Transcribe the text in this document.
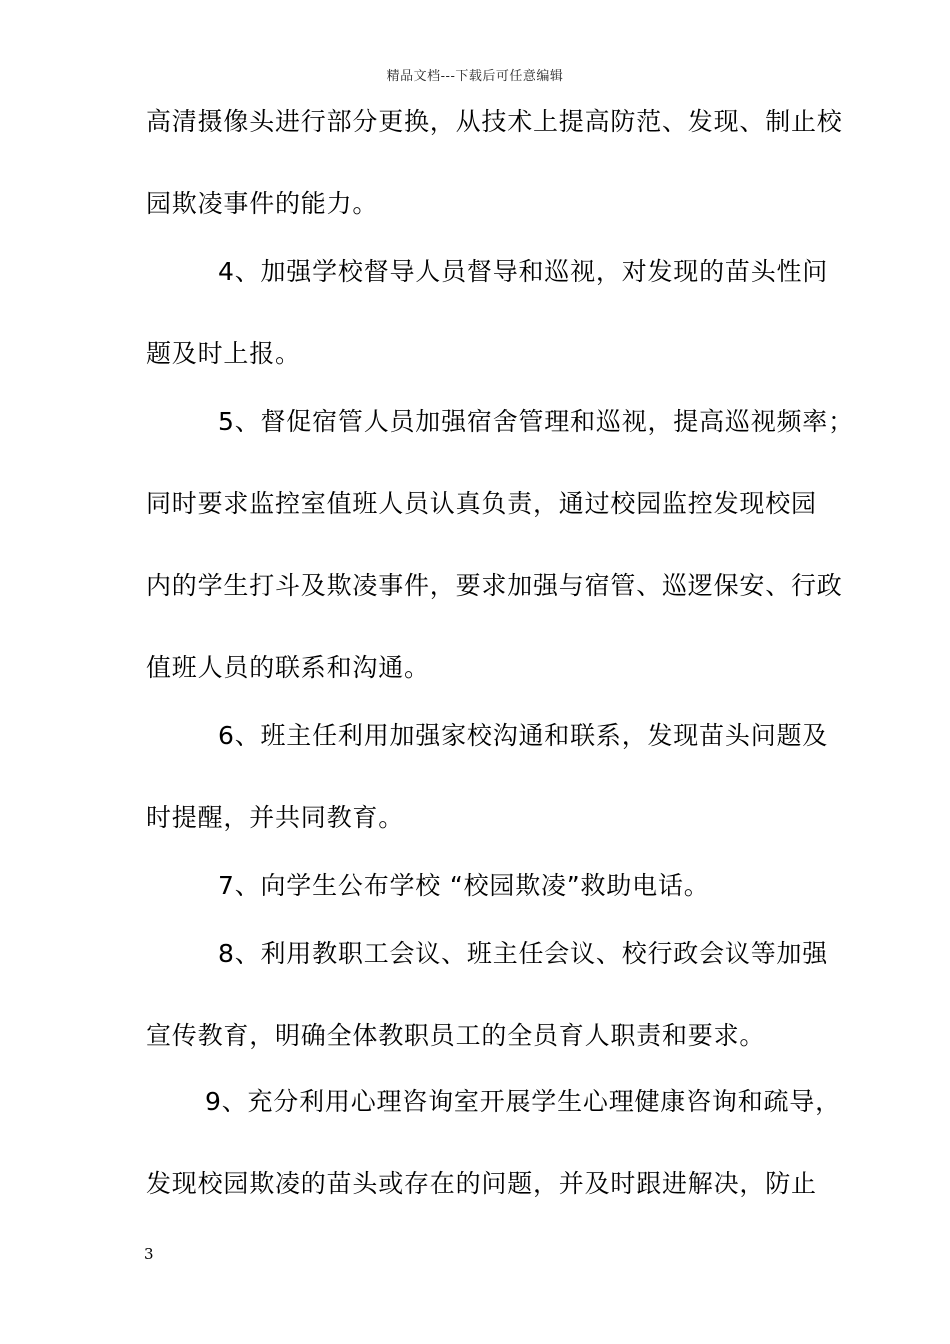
精品文档---下载后可任意编辑
高清摄像头进行部分更换，从技术上提高防范、发现、制止校
园欺凌事件的能力。
4、加强学校督导人员督导和巡视，对发现的苗头性问
题及时上报。
5、督促宿管人员加强宿舍管理和巡视，提高巡视频率；
同时要求监控室值班人员认真负责，通过校园监控发现校园
内的学生打斗及欺凌事件，要求加强与宿管、巡逻保安、行政
值班人员的联系和沟通。
6、班主任利用加强家校沟通和联系，发现苗头问题及
时提醒，并共同教育。
7、向学生公布学校 “校园欺凌”救助电话。
8、利用教职工会议、班主任会议、校行政会议等加强
宣传教育，明确全体教职员工的全员育人职责和要求。
9、充分利用心理咨询室开展学生心理健康咨询和疏导，
发现校园欺凌的苗头或存在的问题，并及时跟进解决，防止
3
